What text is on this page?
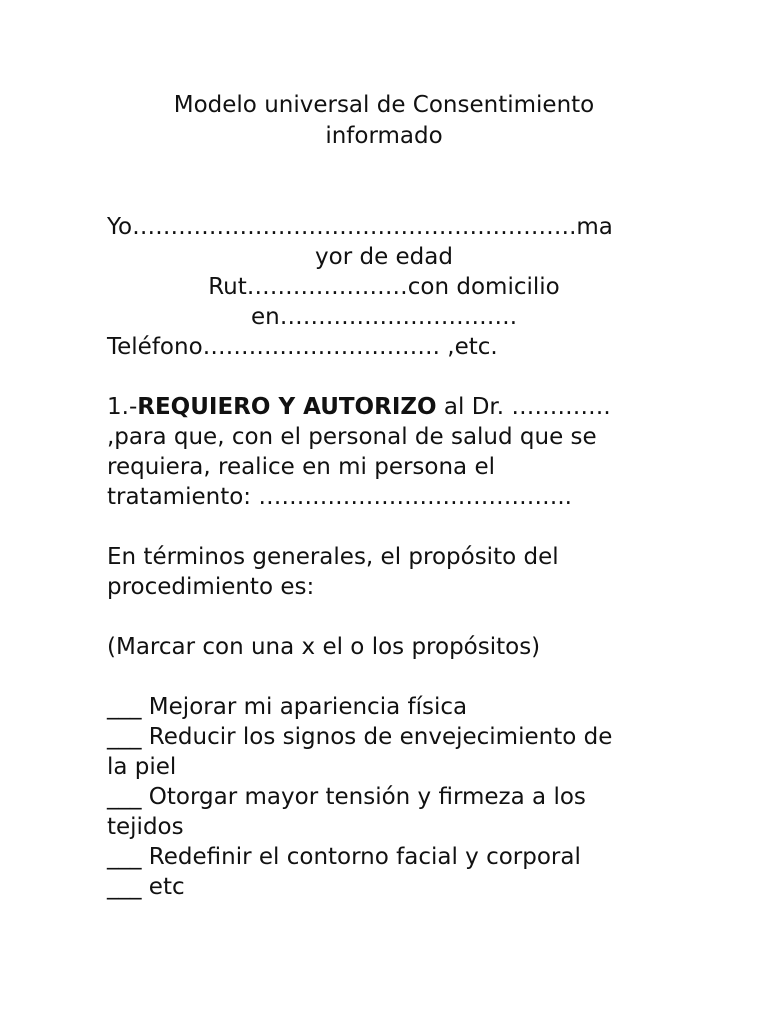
Modelo universal de Consentimiento
informado
Yo………………………………………………….ma
yor de edad
Rut…………………con domicilio
en………………………….
Teléfono…………………………. ,etc.
1.-REQUIERO Y AUTORIZO al Dr. ………….
,para que, con el personal de salud que se
requiera, realice en mi persona el
tratamiento: …………………………………..
En términos generales, el propósito del
procedimiento es:
(Marcar con una x el o los propósitos)
___ Mejorar mi apariencia física
___ Reducir los signos de envejecimiento de
la piel
___ Otorgar mayor tensión y firmeza a los
tejidos
___ Redefinir el contorno facial y corporal
___ etc
